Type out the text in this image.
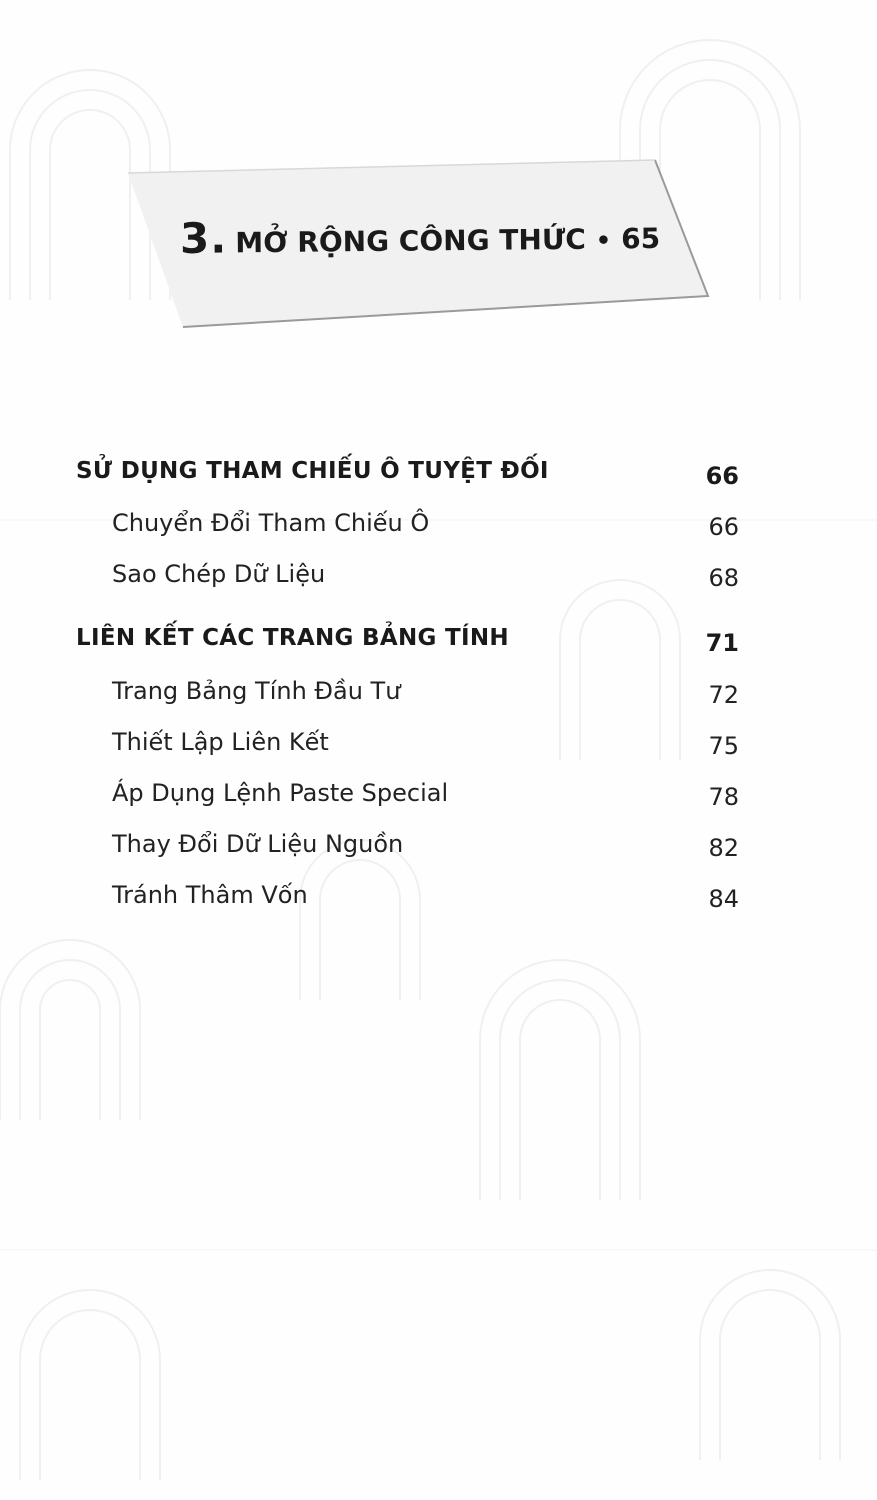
3. MỞ RỘNG CÔNG THỨC • 65
SỬ DỤNG THAM CHIẾU Ô TUYỆT ĐỐI	66
Chuyển Đổi Tham Chiếu Ô	66
Sao Chép Dữ Liệu	68
LIÊN KẾT CÁC TRANG BẢNG TÍNH	71
Trang Bảng Tính Đầu Tư	72
Thiết Lập Liên Kết	75
Áp Dụng Lệnh Paste Special	78
Thay Đổi Dữ Liệu Nguồn	82
Tránh Thâm Vốn	84
